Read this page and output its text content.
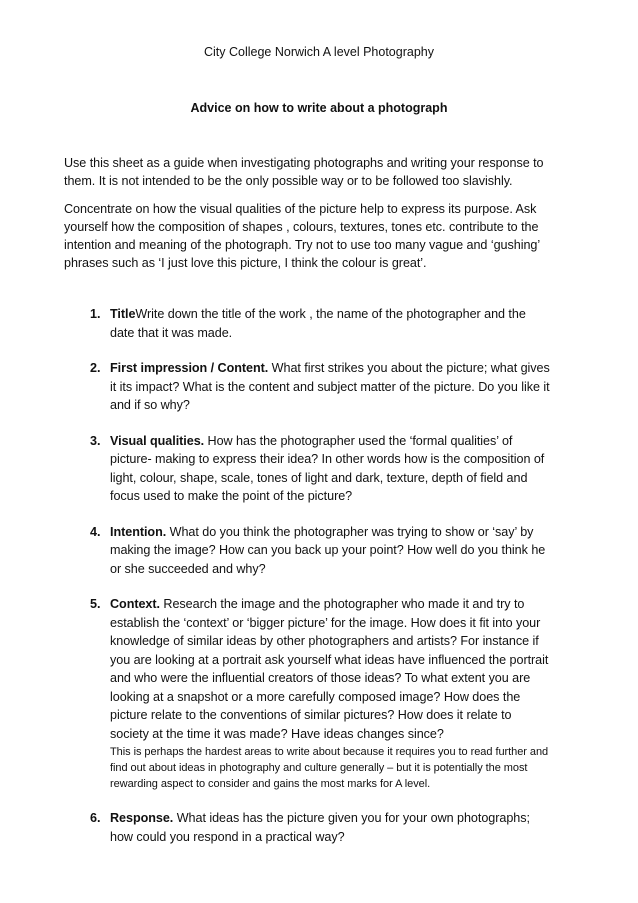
City College Norwich A level Photography
Advice on how to write about a photograph

Use this sheet as a guide when investigating photographs and writing your response to them. It is not intended to be the only possible way or to be followed too slavishly.

Concentrate on how the visual qualities of the picture help to express its purpose. Ask yourself how the composition of shapes , colours, textures, tones etc. contribute to the intention and meaning of the photograph. Try not to use too many vague and ‘gushing’ phrases such as ‘I just love this picture, I think the colour is great’.

1. TitleWrite down the title of the work , the name of the photographer and the date that it was made.
2. First impression / Content. What first strikes you about the picture; what gives it its impact? What is the content and subject matter of the picture. Do you like it and if so why?
3. Visual qualities. How has the photographer used the ‘formal qualities’ of picture- making to express their idea? In other words how is the composition of light, colour, shape, scale, tones of light and dark, texture, depth of field and focus used to make the point of the picture?
4. Intention. What do you think the photographer was trying to show or ‘say’ by making the image? How can you back up your point? How well do you think he or she succeeded and why?
5. Context. Research the image and the photographer who made it and try to establish the ‘context’ or ‘bigger picture’ for the image. How does it fit into your knowledge of similar ideas by other photographers and artists? For instance if you are looking at a portrait ask yourself what ideas have influenced the portrait and who were the influential creators of those ideas? To what extent you are looking at a snapshot or a more carefully composed image? How does the picture relate to the conventions of similar pictures? How does it relate to society at the time it was made? Have ideas changes since?
This is perhaps the hardest areas to write about because it requires you to read further and find out about ideas in photography and culture generally – but it is potentially the most rewarding aspect to consider and gains the most marks for A level.
6. Response. What ideas has the picture given you for your own photographs; how could you respond in a practical way?
